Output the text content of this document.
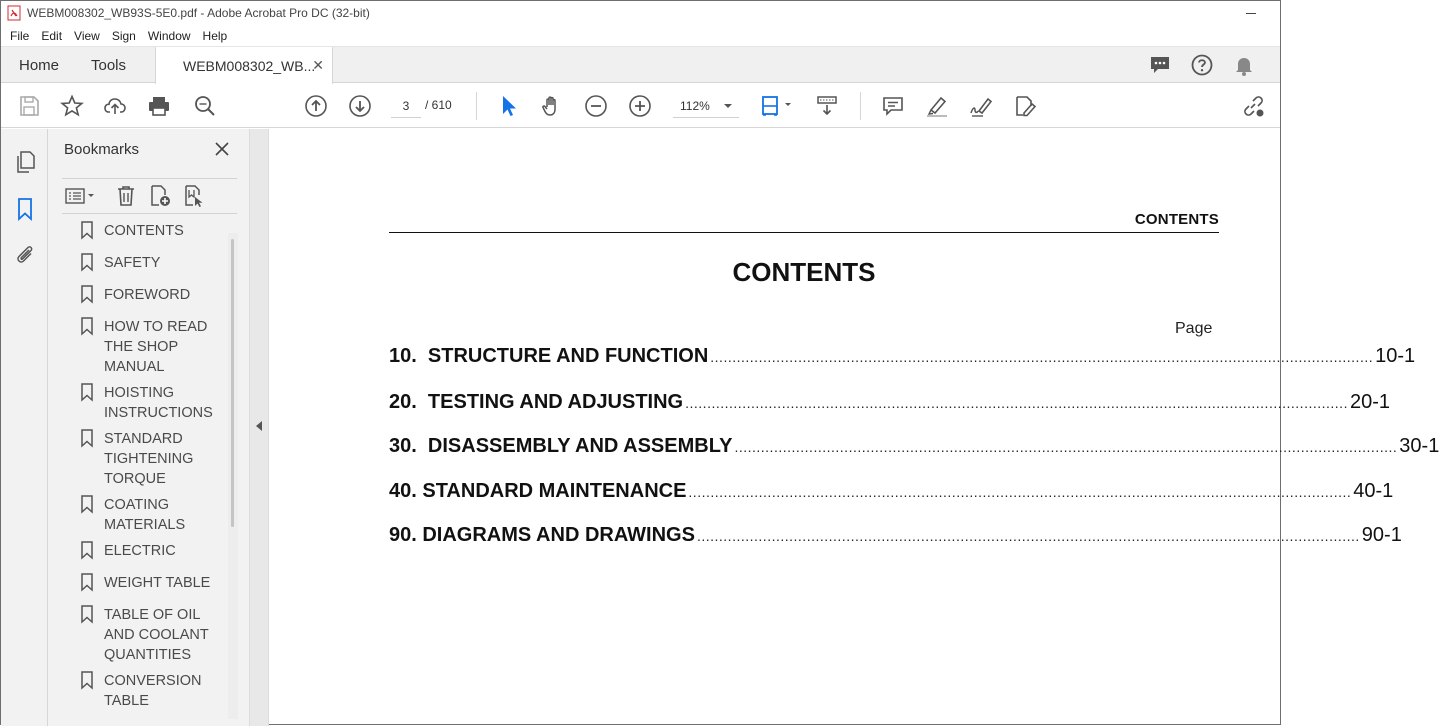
WEBM008302_WB93S-5E0.pdf - Adobe Acrobat Pro DC (32-bit)
File	Edit	View	Sign	Window	Help
Home Tools	WEBM008302_WB...
✕
3
/ 610	112%
Bookmarks
CONTENTS
SAFETY
FOREWORD
HOW TO READ THE SHOP MANUAL
HOISTING INSTRUCTIONS
STANDARD TIGHTENING TORQUE
COATING MATERIALS
ELECTRIC
WEIGHT TABLE
TABLE OF OIL AND COOLANT QUANTITIES
CONVERSION TABLE
CONTENTS
CONTENTS
Page
10. STRUCTURE AND FUNCTION ....................................................................................................................................................... 10-1
20. TESTING AND ADJUSTING ....................................................................................................................................................... 20-1
30. DISASSEMBLY AND ASSEMBLY ....................................................................................................................................................... 30-1
40. STANDARD MAINTENANCE ....................................................................................................................................................... 40-1
90. DIAGRAMS AND DRAWINGS ....................................................................................................................................................... 90-1
